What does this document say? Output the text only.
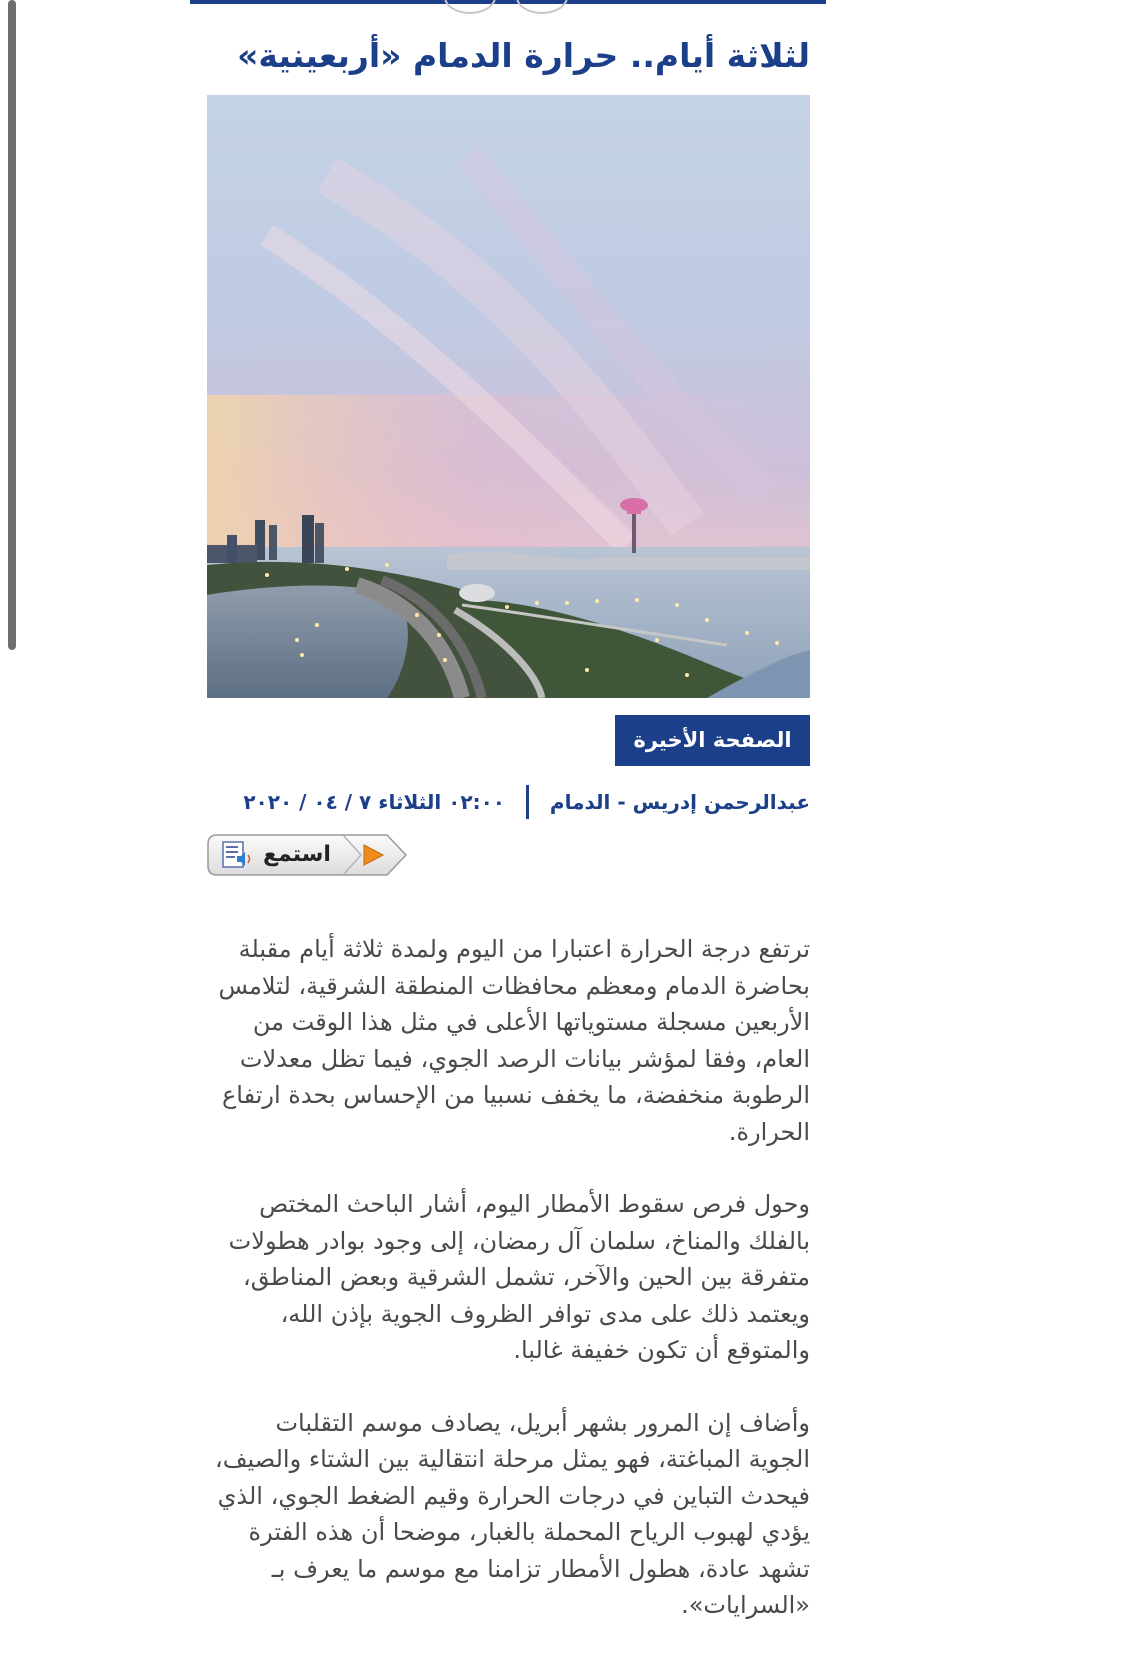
لثلاثة أيام.. حرارة الدمام «أربعينية»
الصفحة الأخيرة
عبدالرحمن إدريس - الدمام  ٠٢:٠٠ الثلاثاء ٧ / ٠٤ / ٢٠٢٠
استمع

ترتفع درجة الحرارة اعتبارا من اليوم ولمدة ثلاثة أيام مقبلة بحاضرة الدمام ومعظم محافظات المنطقة الشرقية، لتلامس الأربعين مسجلة مستوياتها الأعلى في مثل هذا الوقت من العام، وفقا لمؤشر بيانات الرصد الجوي، فيما تظل معدلات الرطوبة منخفضة، ما يخفف نسبيا من الإحساس بحدة ارتفاع الحرارة.

وحول فرص سقوط الأمطار اليوم، أشار الباحث المختص بالفلك والمناخ، سلمان آل رمضان، إلى وجود بوادر هطولات متفرقة بين الحين والآخر، تشمل الشرقية وبعض المناطق، ويعتمد ذلك على مدى توافر الظروف الجوية بإذن الله، والمتوقع أن تكون خفيفة غالبا.

وأضاف إن المرور بشهر أبريل، يصادف موسم التقلبات الجوية المباغتة، فهو يمثل مرحلة انتقالية بين الشتاء والصيف، فيحدث التباين في درجات الحرارة وقيم الضغط الجوي، الذي يؤدي لهبوب الرياح المحملة بالغبار، موضحا أن هذه الفترة تشهد عادة، هطول الأمطار تزامنا مع موسم ما يعرف بـ «السرايات».
